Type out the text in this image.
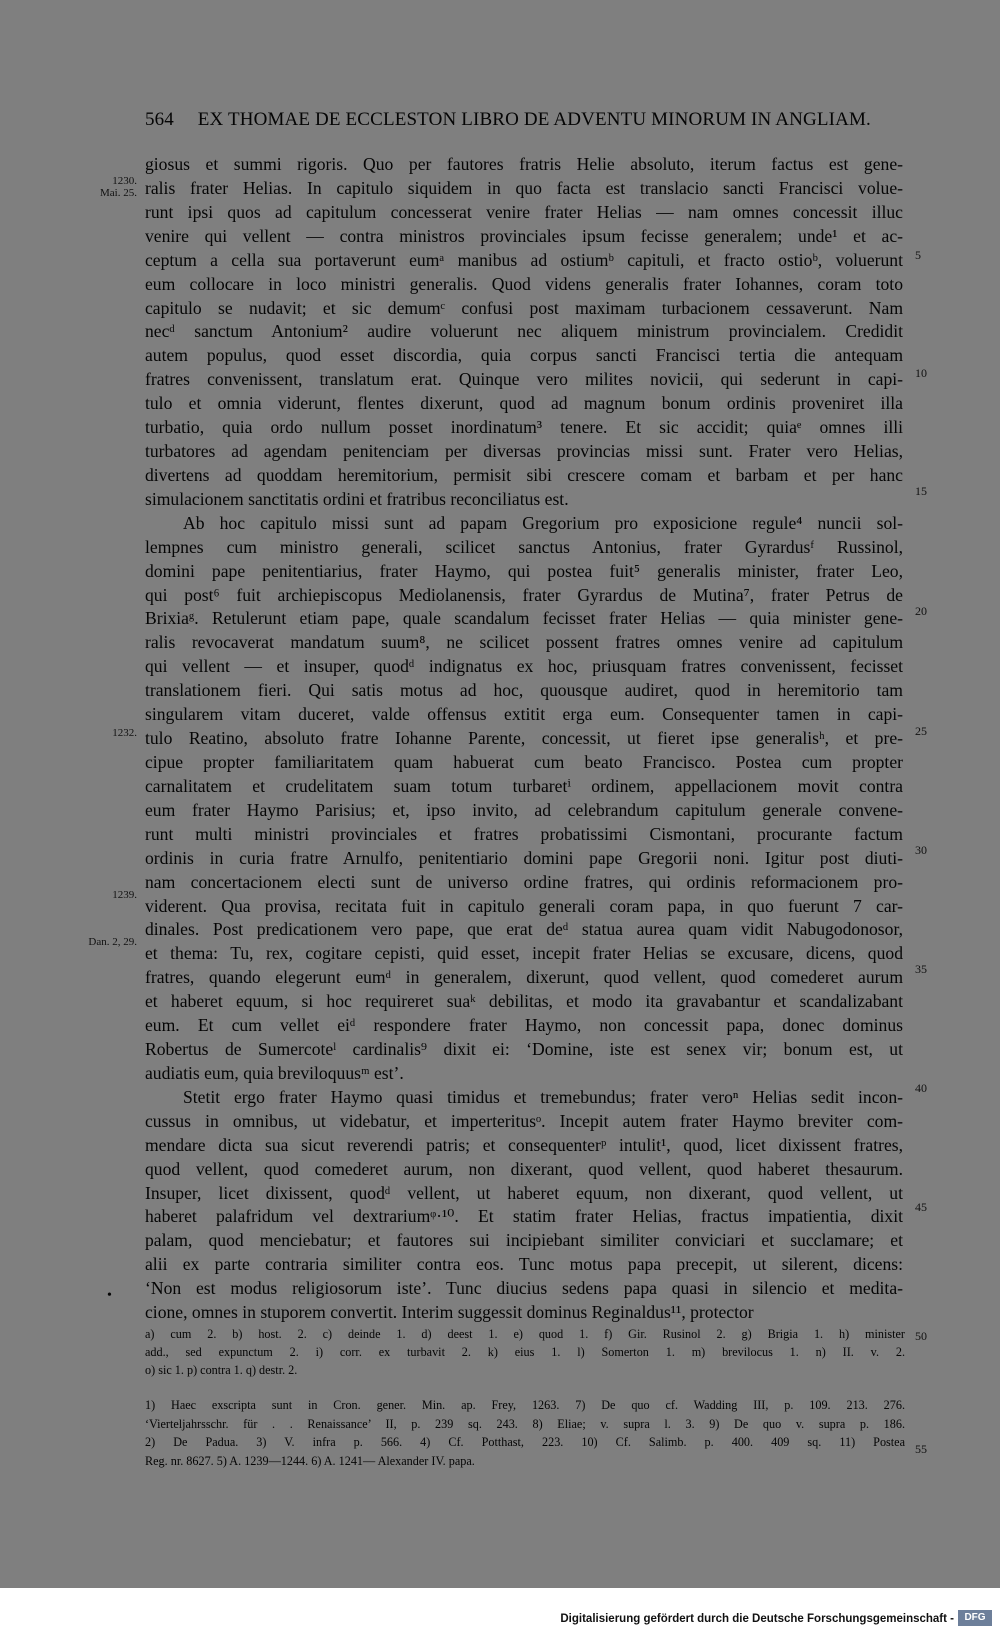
564 EX THOMAE DE ECCLESTON LIBRO DE ADVENTU MINORUM IN ANGLIAM.
giosus et summi rigoris. Quo per fautores fratris Helie absoluto, iterum factus est gene-
ralis frater Helias. In capitulo siquidem in quo facta est translacio sancti Francisci volue-
runt ipsi quos ad capitulum concesserat venire frater Helias — nam omnes concessit illuc
venire qui vellent — contra ministros provinciales ipsum fecisse generalem; unde¹ et ac-
ceptum a cella sua portaverunt eumᵃ manibus ad ostiumᵇ capituli, et fracto ostioᵇ, voluerunt
eum collocare in loco ministri generalis. Quod videns generalis frater Iohannes, coram toto
capitulo se nudavit; et sic demumᶜ confusi post maximam turbacionem cessaverunt. Nam
necᵈ sanctum Antonium² audire voluerunt nec aliquem ministrum provincialem. Credidit
autem populus, quod esset discordia, quia corpus sancti Francisci tertia die antequam
fratres convenissent, translatum erat. Quinque vero milites novicii, qui sederunt in capi-
tulo et omnia viderunt, flentes dixerunt, quod ad magnum bonum ordinis proveniret illa
turbatio, quia ordo nullum posset inordinatum³ tenere. Et sic accidit; quiaᵉ omnes illi
turbatores ad agendam penitenciam per diversas provincias missi sunt. Frater vero Helias,
divertens ad quoddam heremitorium, permisit sibi crescere comam et barbam et per hanc
simulacionem sanctitatis ordini et fratribus reconciliatus est.
Ab hoc capitulo missi sunt ad papam Gregorium pro exposicione regule⁴ nuncii sol-
lempnes cum ministro generali, scilicet sanctus Antonius, frater Gyrardusᶠ Russinol,
domini pape penitentiarius, frater Haymo, qui postea fuit⁵ generalis minister, frater Leo,
qui post⁶ fuit archiepiscopus Mediolanensis, frater Gyrardus de Mutina⁷, frater Petrus de
Brixiaᵍ. Retulerunt etiam pape, quale scandalum fecisset frater Helias — quia minister gene-
ralis revocaverat mandatum suum⁸, ne scilicet possent fratres omnes venire ad capitulum
qui vellent — et insuper, quodᵈ indignatus ex hoc, priusquam fratres convenissent, fecisset
translationem fieri. Qui satis motus ad hoc, quousque audiret, quod in heremitorio tam
singularem vitam duceret, valde offensus extitit erga eum. Consequenter tamen in capi-
tulo Reatino, absoluto fratre Iohanne Parente, concessit, ut fieret ipse generalisʰ, et pre-
cipue propter familiaritatem quam habuerat cum beato Francisco. Postea cum propter
carnalitatem et crudelitatem suam totum turbaretⁱ ordinem, appellacionem movit contra
eum frater Haymo Parisius; et, ipso invito, ad celebrandum capitulum generale convene-
runt multi ministri provinciales et fratres probatissimi Cismontani, procurante factum
ordinis in curia fratre Arnulfo, penitentiario domini pape Gregorii noni. Igitur post diuti-
nam concertacionem electi sunt de universo ordine fratres, qui ordinis reformacionem pro-
viderent. Qua provisa, recitata fuit in capitulo generali coram papa, in quo fuerunt 7 car-
dinales. Post predicationem vero pape, que erat deᵈ statua aurea quam vidit Nabugodonosor,
et thema: Tu, rex, cogitare cepisti, quid esset, incepit frater Helias se excusare, dicens, quod
fratres, quando elegerunt eumᵈ in generalem, dixerunt, quod vellent, quod comederet aurum
et haberet equum, si hoc requireret suaᵏ debilitas, et modo ita gravabantur et scandalizabant
eum. Et cum vellet eiᵈ respondere frater Haymo, non concessit papa, donec dominus
Robertus de Sumercoteˡ cardinalis⁹ dixit ei: ‘Domine, iste est senex vir; bonum est, ut
audiatis eum, quia breviloquusᵐ est’.
Stetit ergo frater Haymo quasi timidus et tremebundus; frater veroⁿ Helias sedit incon-
cussus in omnibus, ut videbatur, et imperteritusᵒ. Incepit autem frater Haymo breviter com-
mendare dicta sua sicut reverendi patris; et consequenterᵖ intulit¹, quod, licet dixissent fratres,
quod vellent, quod comederet aurum, non dixerant, quod vellent, quod haberet thesaurum.
Insuper, licet dixissent, quodᵈ vellent, ut haberet equum, non dixerant, quod vellent, ut
haberet palafridum vel dextrariumᵠ·¹⁰. Et statim frater Helias, fractus impatientia, dixit
palam, quod menciebatur; et fautores sui incipiebant similiter conviciari et succlamare; et
alii ex parte contraria similiter contra eos. Tunc motus papa precepit, ut silerent, dicens:
‘Non est modus religiosorum iste’. Tunc diucius sedens papa quasi in silencio et medita-
cione, omnes in stuporem convertit. Interim suggessit dominus Reginaldus¹¹, protector
1230.
Mai. 25.
1232.
1239.
Dan. 2, 29.
•
5
10
15
20
25
30
35
40
45
50
55
a) cum 2. b) host. 2. c) deinde 1. d) deest 1. e) quod 1. f) Gir. Rusinol 2. g) Brigia 1. h) minister
add., sed expunctum 2. i) corr. ex turbavit 2. k) eius 1. l) Somerton 1. m) brevilocus 1. n) II. v. 2.
o) sic 1. p) contra 1. q) destr. 2.
1) Haec exscripta sunt in Cron. gener. Min. ap. Frey, 1263. 7) De quo cf. Wadding III, p. 109. 213. 276.
‘Vierteljahrsschr. für . . Renaissance’ II, p. 239 sq. 243. 8) Eliae; v. supra l. 3. 9) De quo v. supra p. 186.
2) De Padua. 3) V. infra p. 566. 4) Cf. Potthast, 223. 10) Cf. Salimb. p. 400. 409 sq. 11) Postea
Reg. nr. 8627. 5) A. 1239—1244. 6) A. 1241— Alexander IV. papa.
Digitalisierung gefördert durch die Deutsche Forschungsgemeinschaft -	DFG
